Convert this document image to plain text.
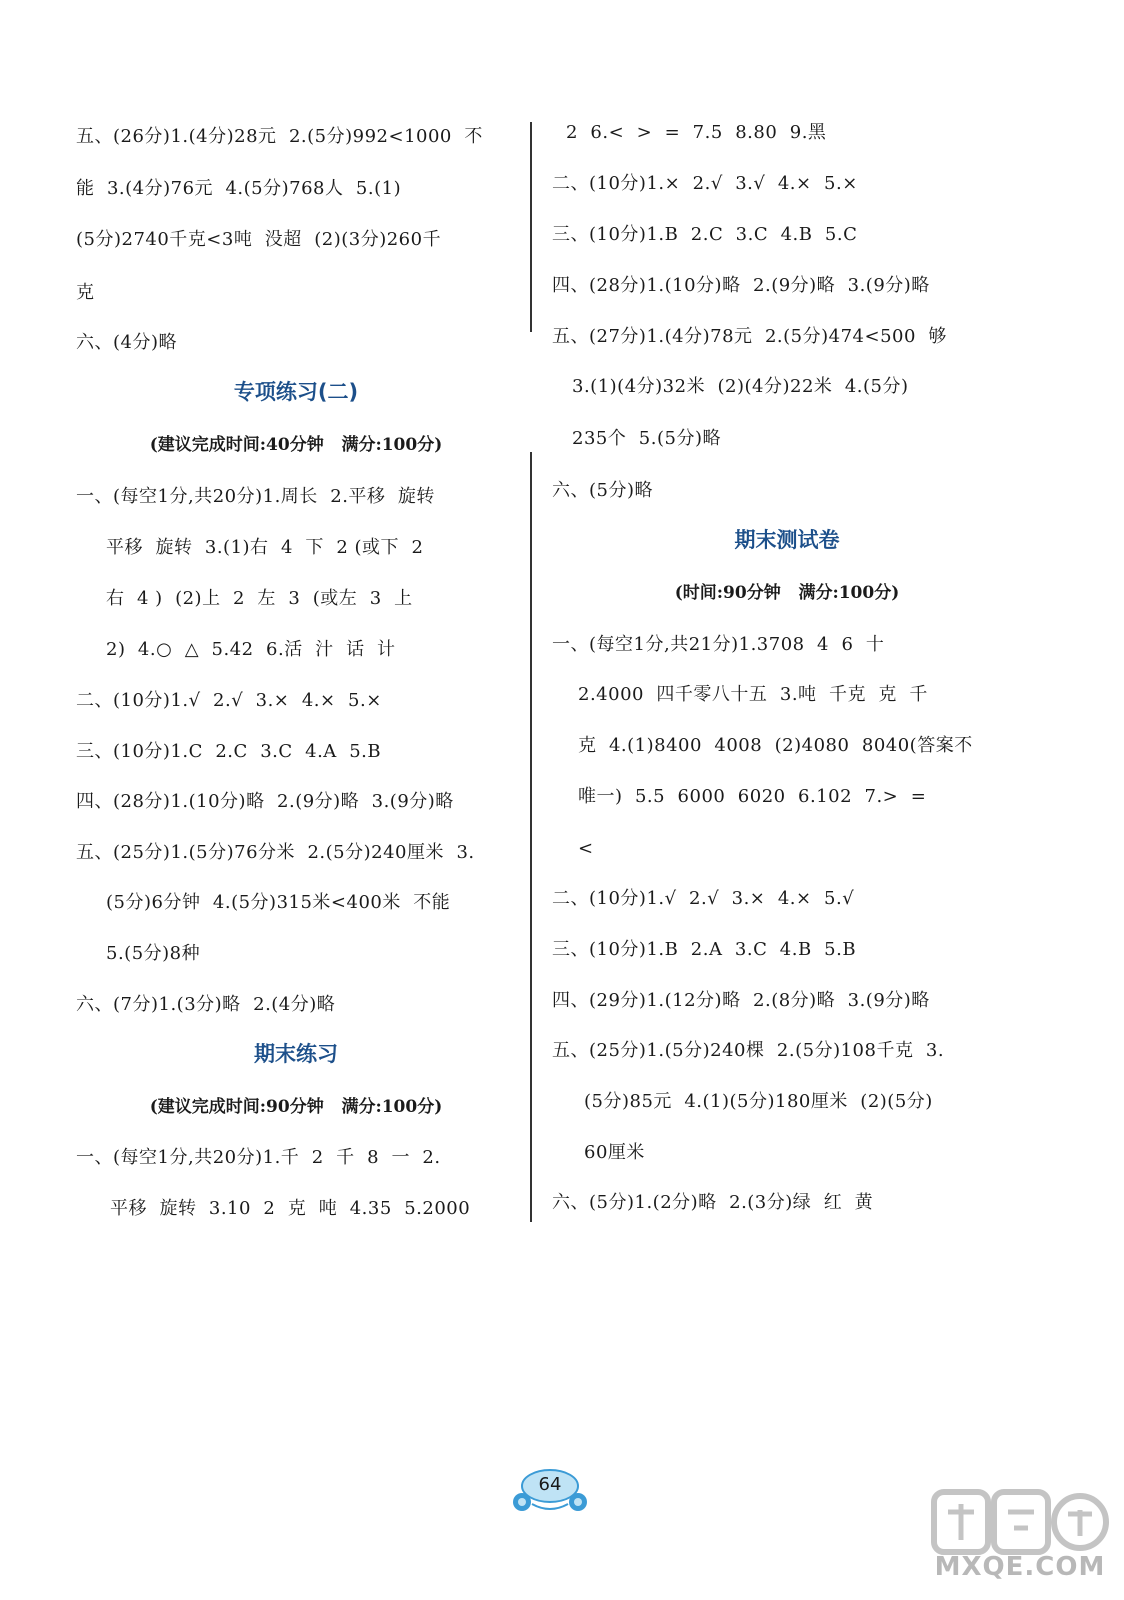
五、(26分)1.(4分)28元  2.(5分)992<1000  不
能  3.(4分)76元  4.(5分)768人  5.(1)
(5分)2740千克<3吨  没超  (2)(3分)260千
克
六、(4分)略
专项练习(二)
(建议完成时间:40分钟   满分:100分)
一、(每空1分,共20分)1.周长  2.平移  旋转
平移  旋转  3.(1)右  4  下  2 (或下  2
右  4 )  (2)上  2  左  3  (或左  3  上
2)  4.○  △  5.42  6.活  汁  话  计
二、(10分)1.√  2.√  3.×  4.×  5.×
三、(10分)1.C  2.C  3.C  4.A  5.B
四、(28分)1.(10分)略  2.(9分)略  3.(9分)略
五、(25分)1.(5分)76分米  2.(5分)240厘米  3.
(5分)6分钟  4.(5分)315米<400米  不能
5.(5分)8种
六、(7分)1.(3分)略  2.(4分)略
期末练习
(建议完成时间:90分钟   满分:100分)
一、(每空1分,共20分)1.千  2  千  8  一  2.
平移  旋转  3.10  2  克  吨  4.35  5.2000
2  6.<  >  =  7.5  8.80  9.黑
二、(10分)1.×  2.√  3.√  4.×  5.×
三、(10分)1.B  2.C  3.C  4.B  5.C
四、(28分)1.(10分)略  2.(9分)略  3.(9分)略
五、(27分)1.(4分)78元  2.(5分)474<500  够
3.(1)(4分)32米  (2)(4分)22米  4.(5分)
235个  5.(5分)略
六、(5分)略
期末测试卷
(时间:90分钟   满分:100分)
一、(每空1分,共21分)1.3708  4  6  十
2.4000  四千零八十五  3.吨  千克  克  千
克  4.(1)8400  4008  (2)4080  8040(答案不
唯一)  5.5  6000  6020  6.102  7.>  =
<
二、(10分)1.√  2.√  3.×  4.×  5.√
三、(10分)1.B  2.A  3.C  4.B  5.B
四、(29分)1.(12分)略  2.(8分)略  3.(9分)略
五、(25分)1.(5分)240棵  2.(5分)108千克  3.
(5分)85元  4.(1)(5分)180厘米  (2)(5分)
60厘米
六、(5分)1.(2分)略  2.(3分)绿  红  黄
64
MXQE.COM
